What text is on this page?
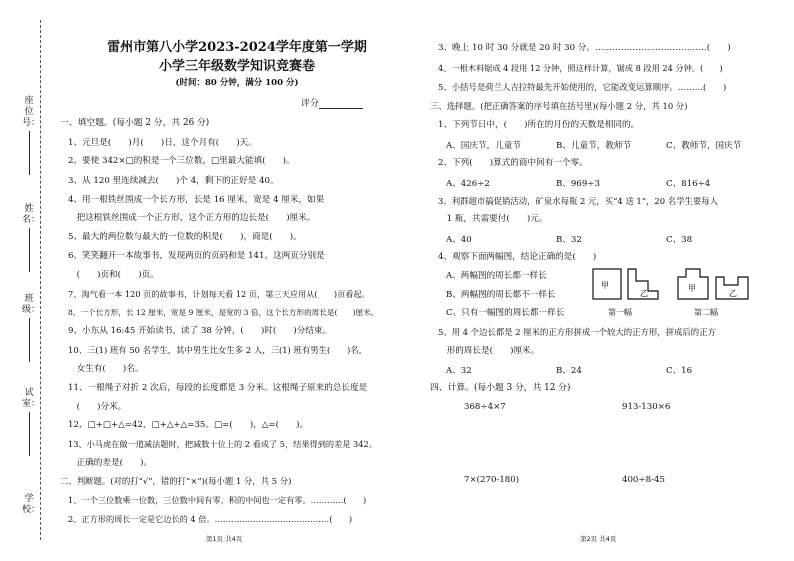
座位号：
姓名：
班级：
试室：
学校：
雷州市第八小学2023-2024学年度第一学期
小学三年级数学知识竞赛卷
(时间：80 分钟，满分 100 分)
评分
一、填空题。(每小题 2 分，共 26 分)
1、元旦是(　　)月(　　)日，这个月有(　　)天。
2、要使 342×□的积是一个三位数，□里最大能填(　　)。
3、从 120 里连续减去(　　)个 4，剩下的正好是 40。
4、用一根铁丝围成一个长方形，长是 16 厘米，宽是 4 厘米，如果
　把这根铁丝围成一个正方形，这个正方形的边长是(　　)厘米。
5、最大的两位数与最大的一位数的积是(　　)，商是(　　)。
6、笑笑翻开一本故事书，发现两页的页码和是 141。这两页分别是
　(　　)页和(　　)页。
7、淘气看一本 120 页的故事书，计划每天看 12 页，第三天应用从(　　)页看起。
8、一个长方形，长 12 厘米，宽是 9 厘米，是宽的 3 倍，这个长方形的周长是(　　)厘米。
9、小东从 16:45 开始读书，读了 38 分钟，(　　)时(　　)分结束。
10、三(1) 班有 50 名学生，其中男生比女生多 2 人，三(1) 班有男生(　　)名，
　女生有(　　)名。
11、一根绳子对折 2 次后，每段的长度都是 3 分米。这根绳子原来的总长度是
　(　　)分米。
12、□+□+△=42，□+△+△=35。□=(　　)，△=(　　)。
13、小马虎在做一道减法题时，把减数十位上的 2 看成了 5，结果得到的差是 342。
　正确的差是(　　)。
二、判断题。(对的打“√”，错的打“×”)(每小题 1 分，共 5 分)
1、一个三位数乘一位数，三位数中间有零，积的中间也一定有零。…………(　　)
2、正方形的周长一定是它边长的 4 倍。……………………………………(　　)
第1页 共4页
3、晚上 10 时 30 分就是 20 时 30 分。…………………………………(　　)
4、一根木料锯成 4 段用 12 分钟，照这样计算，锯成 8 段用 24 分钟。(　　)
5、小括号是荷兰人吉拉特最先开始使用的，它能改变运算顺序。………(　　)
三、选择题。(把正确答案的序号填在括号里)(每小题 2 分，共 10 分)
1、下列节日中，(　　)所在的月份的天数是相同的。
A、国庆节，儿童节	B、儿童节，教师节	C、教师节，国庆节
2、下列(　　)算式的商中间有一个零。
A、426÷2	B、969÷3	C、816÷4
3、利群超市搞促销活动，矿泉水每瓶 2 元，买“4 送 1”，20 名学生要每人
　1 瓶，共需要付(　　)元。
A、40	B、32	C、38
4、观察下面两幅图，结论正确的是(　　)
A、两幅图的周长都一样长
B、两幅图的周长都不一样长
C、只有一幅图的周长都一样长
甲
乙
甲
乙
第一幅	第二幅
5、用 4 个边长都是 2 厘米的正方形拼成一个较大的正方形，拼成后的正方
　形的周长是(　　)厘米。
A、32	B、24	C、16
四、计算。(每小题 3 分，共 12 分)
368÷4×7	913-130×6
7×(270-180)	400÷8-45
第2页 共4页
